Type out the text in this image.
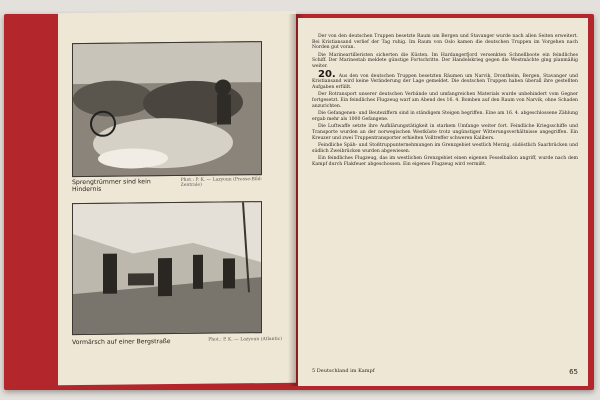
Sprengtrümmer sind kein Hindernis
Phot.: P. K. — Lazyoun (Presse-Bild-Zentrale)
Vormärsch auf einer Bergstraße	Phot.: P. K. — Lazyoun (Atlantic)

Der von den deutschen Truppen besetzte Raum um Bergen und Stavanger wurde nach allen Seiten erweitert. Bei Kristiansand verlief der Tag ruhig. Im Raum von Oslo kamen die deutschen Truppen im Vorgehen nach Norden gut voran.

Die Marineartilleristen sicherten die Küsten. Im Hardangerfjord versenkten Schnellboote ein feindliches Schiff. Der Marinestab meldete günstige Fortschritte. Der Handelskrieg gegen die Westmächte ging planmäßig weiter.

20. Aus den von deutschen Truppen besetzten Räumen um Narvik, Drontheim, Bergen, Stavanger und Kristiansand wird keine Veränderung der Lage gemeldet. Die deutschen Truppen haben überall ihre gestellten Aufgaben erfüllt.

Der Rotransport unserer deutschen Verbände und umfangreichen Materials wurde unbehindert vom Gegner fortgesetzt. Ein feindliches Flugzeug warf am Abend des 16. 4. Bomben auf den Raum von Narvik, ohne Schaden anzurichten.

Die Gefangenen- und Beuteziffern sind in ständigem Steigen begriffen. Eine am 16. 4. abgeschlossene Zählung ergab mehr als 1000 Gefangene.

Die Luftwaffe setzte ihre Aufklärungstätigkeit in starkem Umfange weiter fort. Feindliche Kriegsschiffe und Transporte wurden an der norwegischen Westküste trotz ungünstiger Witterungsverhältnisse angegriffen. Ein Kreuzer und zwei Truppentransporter erhielten Volltreffer schweren Kalibers.

Feindliche Späh- und Stoßtruppunternehmungen im Grenzgebiet westlich Merzig, südöstlich Saarbrücken und südlich Zweibrücken wurden abgewiesen.

Ein feindliches Flugzeug, das im westlichen Grenzgebiet einen eigenen Fesselballon angriff, wurde nach dem Kampf durch Flakfeuer abgeschossen. Ein eigenes Flugzeug wird vermißt.

5 Deutschland im Kampf	65
